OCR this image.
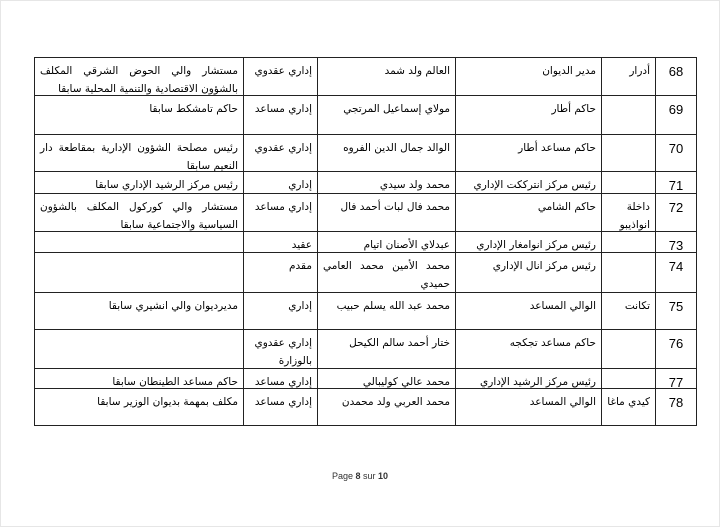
68
أدرار
مدير الديوان
العالم ولد شمد
إداري عقدوي
مستشار والي الحوض الشرقي المكلف بالشؤون الاقتصادية والتنمية المحلية سابقا
69
حاكم أطار
مولاي إسماعيل المرتجي
إداري مساعد
حاكم تامشكط سابقا
70
حاكم مساعد أطار
الوالد جمال الدين الفروه
إداري عقدوي
رئيس مصلحة الشؤون الإدارية بمقاطعة دار النعيم سابقا
71
رئيس مركز انترككت الإداري
محمد ولد سيدي
إداري
رئيس مركز الرشيد الإداري سابقا
72
داخلة انواذيبو
حاكم الشامي
محمد فال لبات أحمد فال
إداري مساعد
مستشار والي كوركول المكلف بالشؤون السياسية والاجتماعية سابقا
73
رئيس مركز انوامغار الإداري
عبدلاي الأصنان اتيام
عقيد
74
رئيس مركز انال الإداري
محمد الأمين محمد العامي حميدي
مقدم
75
تكانت
الوالي المساعد
محمد عبد الله يسلم حبيب
إداري
مديرديوان والي انشيري سابقا
76
حاكم مساعد تجكجه
ختار أحمد سالم الكيحل
إداري عقدوي بالوزارة
77
رئيس مركز الرشيد الإداري
محمد عالي كوليبالي
إداري مساعد
حاكم مساعد الطينطان سابقا
78
كيدي ماغا
الوالي المساعد
محمد العربي ولد محمدن
إداري مساعد
مكلف بمهمة بديوان الوزير سابقا
Page 8 sur 10
